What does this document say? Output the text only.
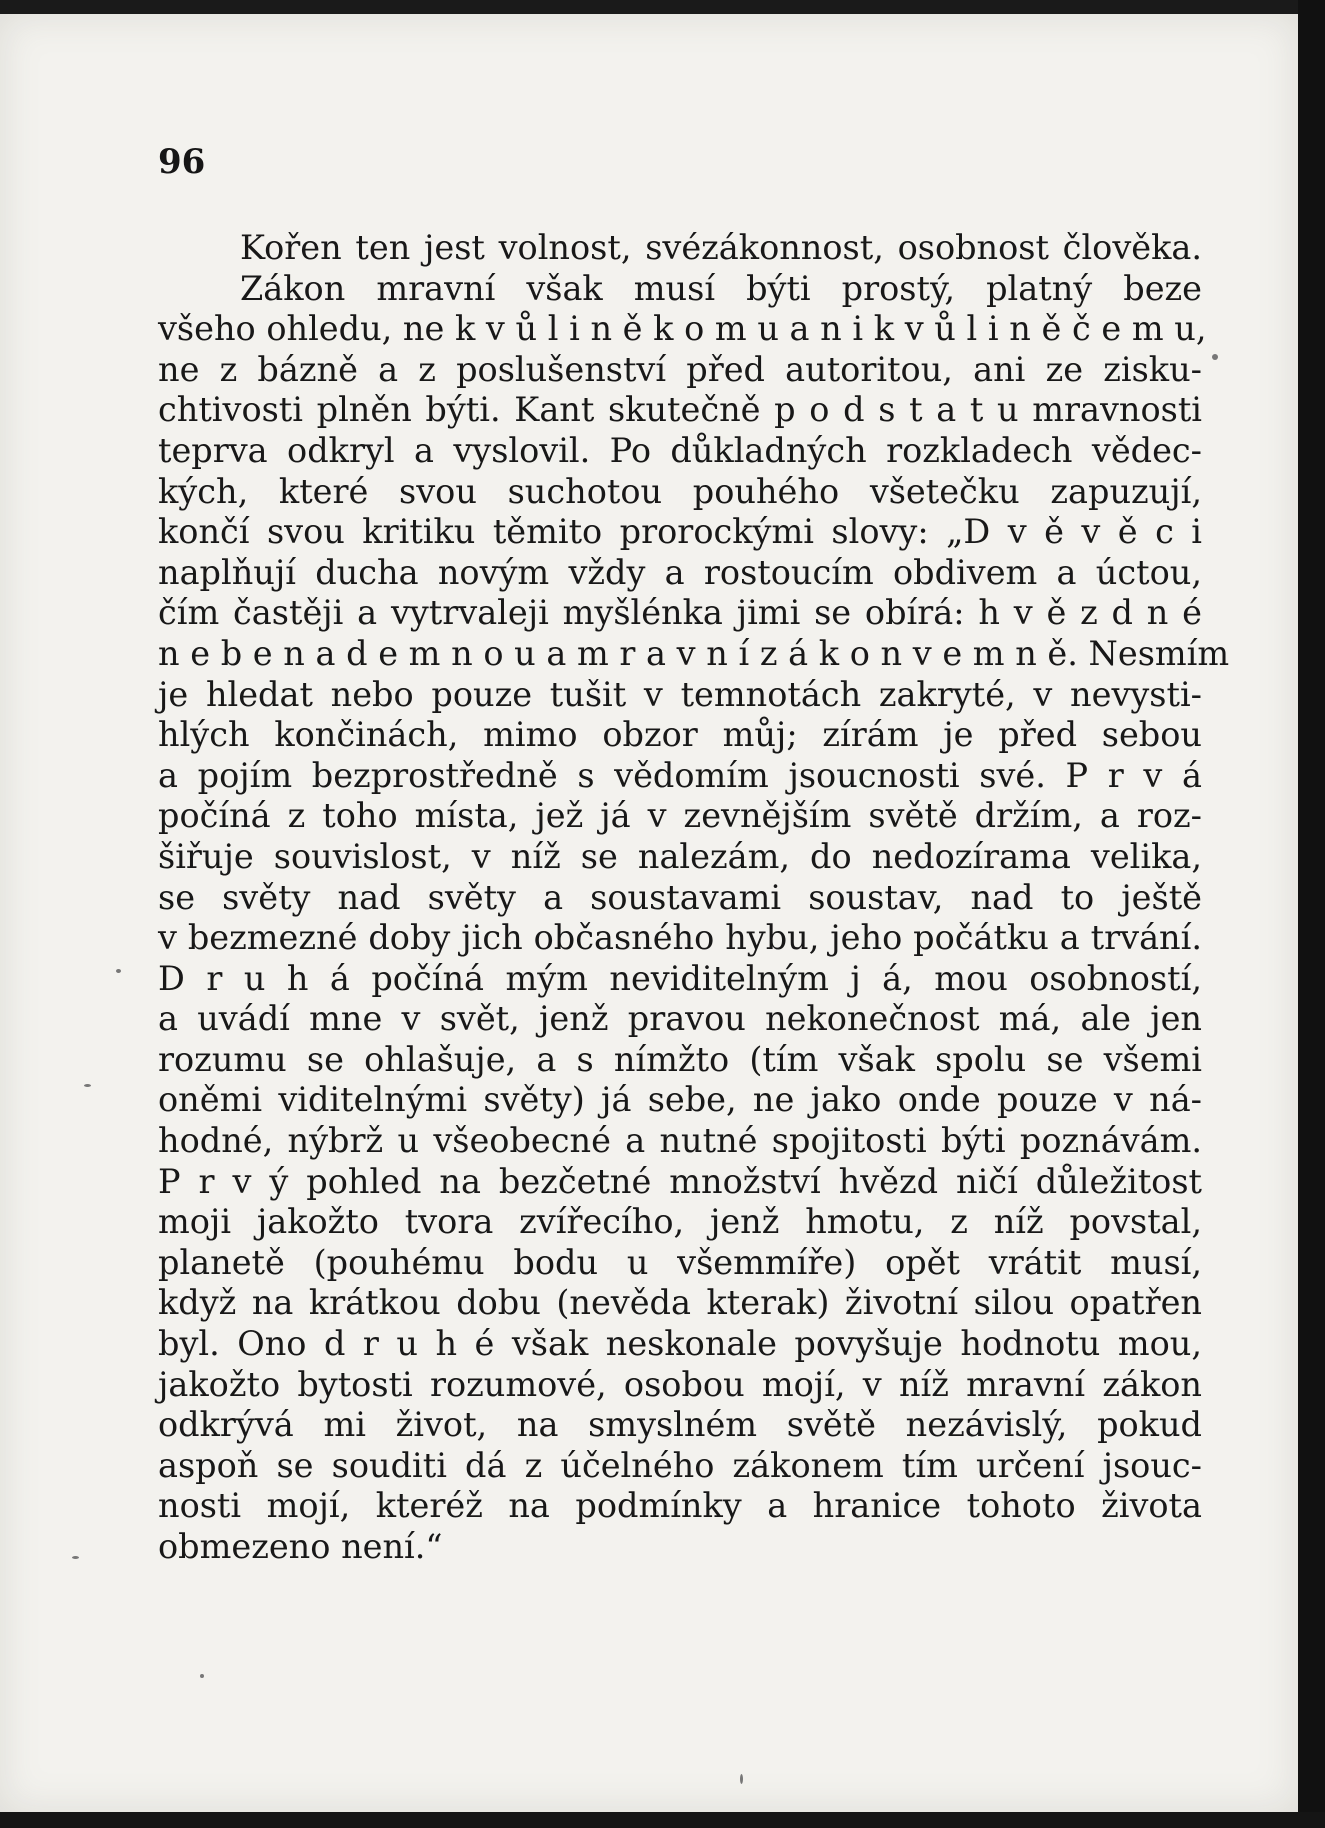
96
Kořen ten jest volnost, svézákonnost, osobnost člověka.
Zákon mravní však musí býti prostý, platný beze
všeho ohledu, ne k v ů l i n ě k o m u a n i k v ů l i n ě č e m u,
ne z bázně a z poslušenství před autoritou, ani ze zisku-
chtivosti plněn býti. Kant skutečně p o d s t a t u mravnosti
teprva odkryl a vyslovil. Po důkladných rozkladech vědec-
kých, které svou suchotou pouhého všetečku zapuzují,
končí svou kritiku těmito prorockými slovy: „D v ě v ě c i
naplňují ducha novým vždy a rostoucím obdivem a úctou,
čím častěji a vytrvaleji myšlénka jimi se obírá: h v ě z d n é
n e b e n a d e m n o u a m r a v n í z á k o n v e m n ě. Nesmím
je hledat nebo pouze tušit v temnotách zakryté, v nevysti-
hlých končinách, mimo obzor můj; zírám je před sebou
a pojím bezprostředně s vědomím jsoucnosti své. P r v á
počíná z toho místa, jež já v zevnějším světě držím, a roz-
šiřuje souvislost, v níž se nalezám, do nedozírama velika,
se světy nad světy a soustavami soustav, nad to ještě
v bezmezné doby jich občasného hybu, jeho počátku a trvání.
D r u h á počíná mým neviditelným j á, mou osobností,
a uvádí mne v svět, jenž pravou nekonečnost má, ale jen
rozumu se ohlašuje, a s nímžto (tím však spolu se všemi
oněmi viditelnými světy) já sebe, ne jako onde pouze v ná-
hodné, nýbrž u všeobecné a nutné spojitosti býti poznávám.
P r v ý pohled na bezčetné množství hvězd ničí důležitost
moji jakožto tvora zvířecího, jenž hmotu, z níž povstal,
planetě (pouhému bodu u všemmíře) opět vrátit musí,
když na krátkou dobu (nevěda kterak) životní silou opatřen
byl. Ono d r u h é však neskonale povyšuje hodnotu mou,
jakožto bytosti rozumové, osobou mojí, v níž mravní zákon
odkrývá mi život, na smyslném světě nezávislý, pokud
aspoň se souditi dá z účelného zákonem tím určení jsouc-
nosti mojí, kteréž na podmínky a hranice tohoto života
obmezeno není.“
